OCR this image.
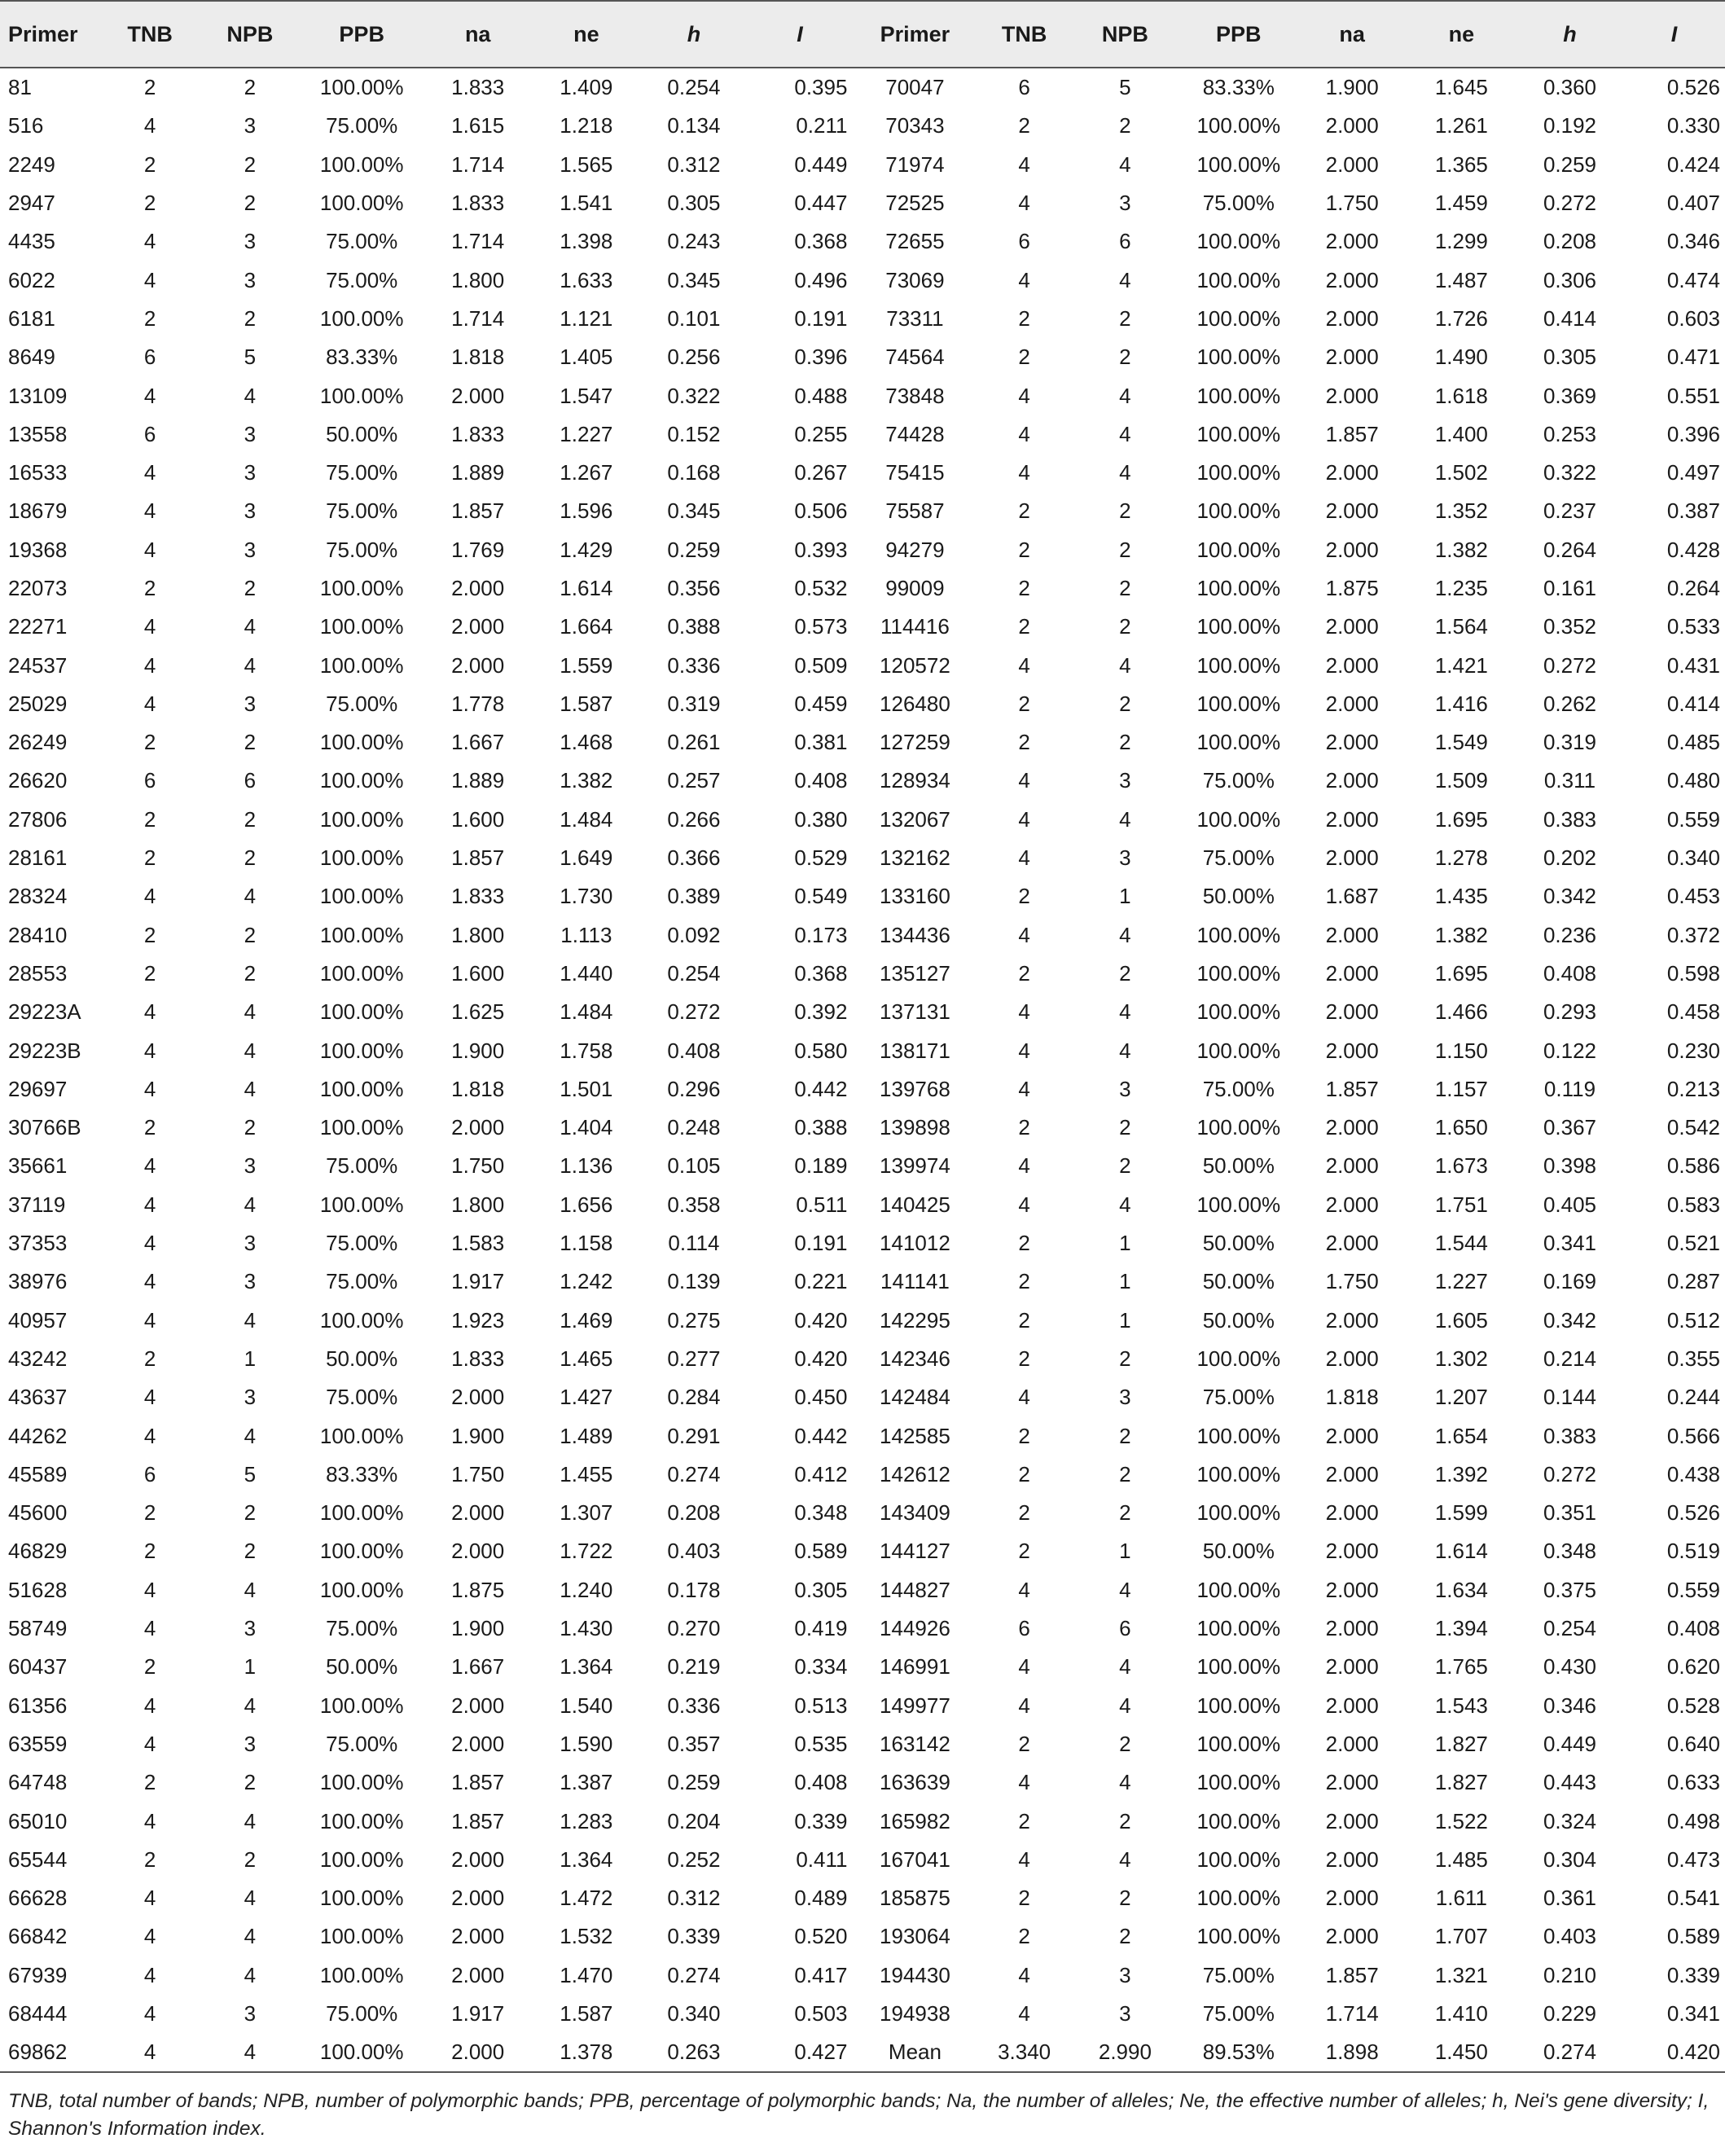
Primer	TNB	NPB	PPB	na	ne	h	I	Primer	TNB	NPB	PPB	na	ne	h	I
81	2	2	100.00%	1.833	1.409	0.254	0.395	70047	6	5	83.33%	1.900	1.645	0.360	0.526
516	4	3	75.00%	1.615	1.218	0.134	0.211	70343	2	2	100.00%	2.000	1.261	0.192	0.330
2249	2	2	100.00%	1.714	1.565	0.312	0.449	71974	4	4	100.00%	2.000	1.365	0.259	0.424
2947	2	2	100.00%	1.833	1.541	0.305	0.447	72525	4	3	75.00%	1.750	1.459	0.272	0.407
4435	4	3	75.00%	1.714	1.398	0.243	0.368	72655	6	6	100.00%	2.000	1.299	0.208	0.346
6022	4	3	75.00%	1.800	1.633	0.345	0.496	73069	4	4	100.00%	2.000	1.487	0.306	0.474
6181	2	2	100.00%	1.714	1.121	0.101	0.191	73311	2	2	100.00%	2.000	1.726	0.414	0.603
8649	6	5	83.33%	1.818	1.405	0.256	0.396	74564	2	2	100.00%	2.000	1.490	0.305	0.471
13109	4	4	100.00%	2.000	1.547	0.322	0.488	73848	4	4	100.00%	2.000	1.618	0.369	0.551
13558	6	3	50.00%	1.833	1.227	0.152	0.255	74428	4	4	100.00%	1.857	1.400	0.253	0.396
16533	4	3	75.00%	1.889	1.267	0.168	0.267	75415	4	4	100.00%	2.000	1.502	0.322	0.497
18679	4	3	75.00%	1.857	1.596	0.345	0.506	75587	2	2	100.00%	2.000	1.352	0.237	0.387
19368	4	3	75.00%	1.769	1.429	0.259	0.393	94279	2	2	100.00%	2.000	1.382	0.264	0.428
22073	2	2	100.00%	2.000	1.614	0.356	0.532	99009	2	2	100.00%	1.875	1.235	0.161	0.264
22271	4	4	100.00%	2.000	1.664	0.388	0.573	114416	2	2	100.00%	2.000	1.564	0.352	0.533
24537	4	4	100.00%	2.000	1.559	0.336	0.509	120572	4	4	100.00%	2.000	1.421	0.272	0.431
25029	4	3	75.00%	1.778	1.587	0.319	0.459	126480	2	2	100.00%	2.000	1.416	0.262	0.414
26249	2	2	100.00%	1.667	1.468	0.261	0.381	127259	2	2	100.00%	2.000	1.549	0.319	0.485
26620	6	6	100.00%	1.889	1.382	0.257	0.408	128934	4	3	75.00%	2.000	1.509	0.311	0.480
27806	2	2	100.00%	1.600	1.484	0.266	0.380	132067	4	4	100.00%	2.000	1.695	0.383	0.559
28161	2	2	100.00%	1.857	1.649	0.366	0.529	132162	4	3	75.00%	2.000	1.278	0.202	0.340
28324	4	4	100.00%	1.833	1.730	0.389	0.549	133160	2	1	50.00%	1.687	1.435	0.342	0.453
28410	2	2	100.00%	1.800	1.113	0.092	0.173	134436	4	4	100.00%	2.000	1.382	0.236	0.372
28553	2	2	100.00%	1.600	1.440	0.254	0.368	135127	2	2	100.00%	2.000	1.695	0.408	0.598
29223A	4	4	100.00%	1.625	1.484	0.272	0.392	137131	4	4	100.00%	2.000	1.466	0.293	0.458
29223B	4	4	100.00%	1.900	1.758	0.408	0.580	138171	4	4	100.00%	2.000	1.150	0.122	0.230
29697	4	4	100.00%	1.818	1.501	0.296	0.442	139768	4	3	75.00%	1.857	1.157	0.119	0.213
30766B	2	2	100.00%	2.000	1.404	0.248	0.388	139898	2	2	100.00%	2.000	1.650	0.367	0.542
35661	4	3	75.00%	1.750	1.136	0.105	0.189	139974	4	2	50.00%	2.000	1.673	0.398	0.586
37119	4	4	100.00%	1.800	1.656	0.358	0.511	140425	4	4	100.00%	2.000	1.751	0.405	0.583
37353	4	3	75.00%	1.583	1.158	0.114	0.191	141012	2	1	50.00%	2.000	1.544	0.341	0.521
38976	4	3	75.00%	1.917	1.242	0.139	0.221	141141	2	1	50.00%	1.750	1.227	0.169	0.287
40957	4	4	100.00%	1.923	1.469	0.275	0.420	142295	2	1	50.00%	2.000	1.605	0.342	0.512
43242	2	1	50.00%	1.833	1.465	0.277	0.420	142346	2	2	100.00%	2.000	1.302	0.214	0.355
43637	4	3	75.00%	2.000	1.427	0.284	0.450	142484	4	3	75.00%	1.818	1.207	0.144	0.244
44262	4	4	100.00%	1.900	1.489	0.291	0.442	142585	2	2	100.00%	2.000	1.654	0.383	0.566
45589	6	5	83.33%	1.750	1.455	0.274	0.412	142612	2	2	100.00%	2.000	1.392	0.272	0.438
45600	2	2	100.00%	2.000	1.307	0.208	0.348	143409	2	2	100.00%	2.000	1.599	0.351	0.526
46829	2	2	100.00%	2.000	1.722	0.403	0.589	144127	2	1	50.00%	2.000	1.614	0.348	0.519
51628	4	4	100.00%	1.875	1.240	0.178	0.305	144827	4	4	100.00%	2.000	1.634	0.375	0.559
58749	4	3	75.00%	1.900	1.430	0.270	0.419	144926	6	6	100.00%	2.000	1.394	0.254	0.408
60437	2	1	50.00%	1.667	1.364	0.219	0.334	146991	4	4	100.00%	2.000	1.765	0.430	0.620
61356	4	4	100.00%	2.000	1.540	0.336	0.513	149977	4	4	100.00%	2.000	1.543	0.346	0.528
63559	4	3	75.00%	2.000	1.590	0.357	0.535	163142	2	2	100.00%	2.000	1.827	0.449	0.640
64748	2	2	100.00%	1.857	1.387	0.259	0.408	163639	4	4	100.00%	2.000	1.827	0.443	0.633
65010	4	4	100.00%	1.857	1.283	0.204	0.339	165982	2	2	100.00%	2.000	1.522	0.324	0.498
65544	2	2	100.00%	2.000	1.364	0.252	0.411	167041	4	4	100.00%	2.000	1.485	0.304	0.473
66628	4	4	100.00%	2.000	1.472	0.312	0.489	185875	2	2	100.00%	2.000	1.611	0.361	0.541
66842	4	4	100.00%	2.000	1.532	0.339	0.520	193064	2	2	100.00%	2.000	1.707	0.403	0.589
67939	4	4	100.00%	2.000	1.470	0.274	0.417	194430	4	3	75.00%	1.857	1.321	0.210	0.339
68444	4	3	75.00%	1.917	1.587	0.340	0.503	194938	4	3	75.00%	1.714	1.410	0.229	0.341
69862	4	4	100.00%	2.000	1.378	0.263	0.427	Mean	3.340	2.990	89.53%	1.898	1.450	0.274	0.420
TNB, total number of bands; NPB, number of polymorphic bands; PPB, percentage of polymorphic bands; Na, the number of alleles; Ne, the effective number of alleles; h, Nei's gene diversity; I, Shannon's Information index.
